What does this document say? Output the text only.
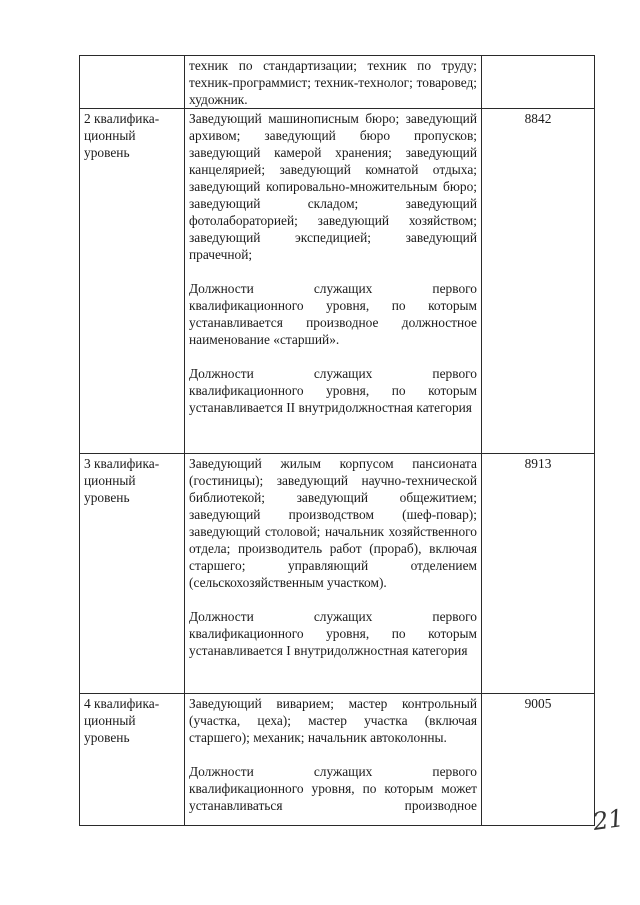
	техник по стандартизации; техник по труду; техник-программист; техник-технолог; товаровед; художник.	

2 квалифика-ционный уровень	Заведующий машинописным бюро; заведующий архивом; заведующий бюро пропусков; заведующий камерой хранения; заведующий канцелярией; заведующий комнатой отдыха; заведующий копировально-множительным бюро; заведующий складом; заведующий фотолабораторией; заведующий хозяйством; заведующий экспедицией; заведующий прачечной;

Должности служащих первого квалификационного уровня, по которым устанавливается производное должностное наименование «старший».

Должности служащих первого квалификационного уровня, по которым устанавливается II внутридолжностная категория	8842
3 квалифика-ционный уровень	Заведующий жилым корпусом пансионата (гостиницы); заведующий научно-технической библиотекой; заведующий общежитием; заведующий производством (шеф-повар); заведующий столовой; начальник хозяйственного отдела; производитель работ (прораб), включая старшего; управляющий отделением (сельскохозяйственным участком).

Должности служащих первого квалификационного уровня, по которым устанавливается I внутридолжностная категория	8913
4 квалифика-ционный уровень	Заведующий виварием; мастер контрольный (участка, цеха); мастер участка (включая старшего); механик; начальник автоколонны.

Должности служащих первого квалификационного уровня, по которым может устанавливаться производное	9005
21
